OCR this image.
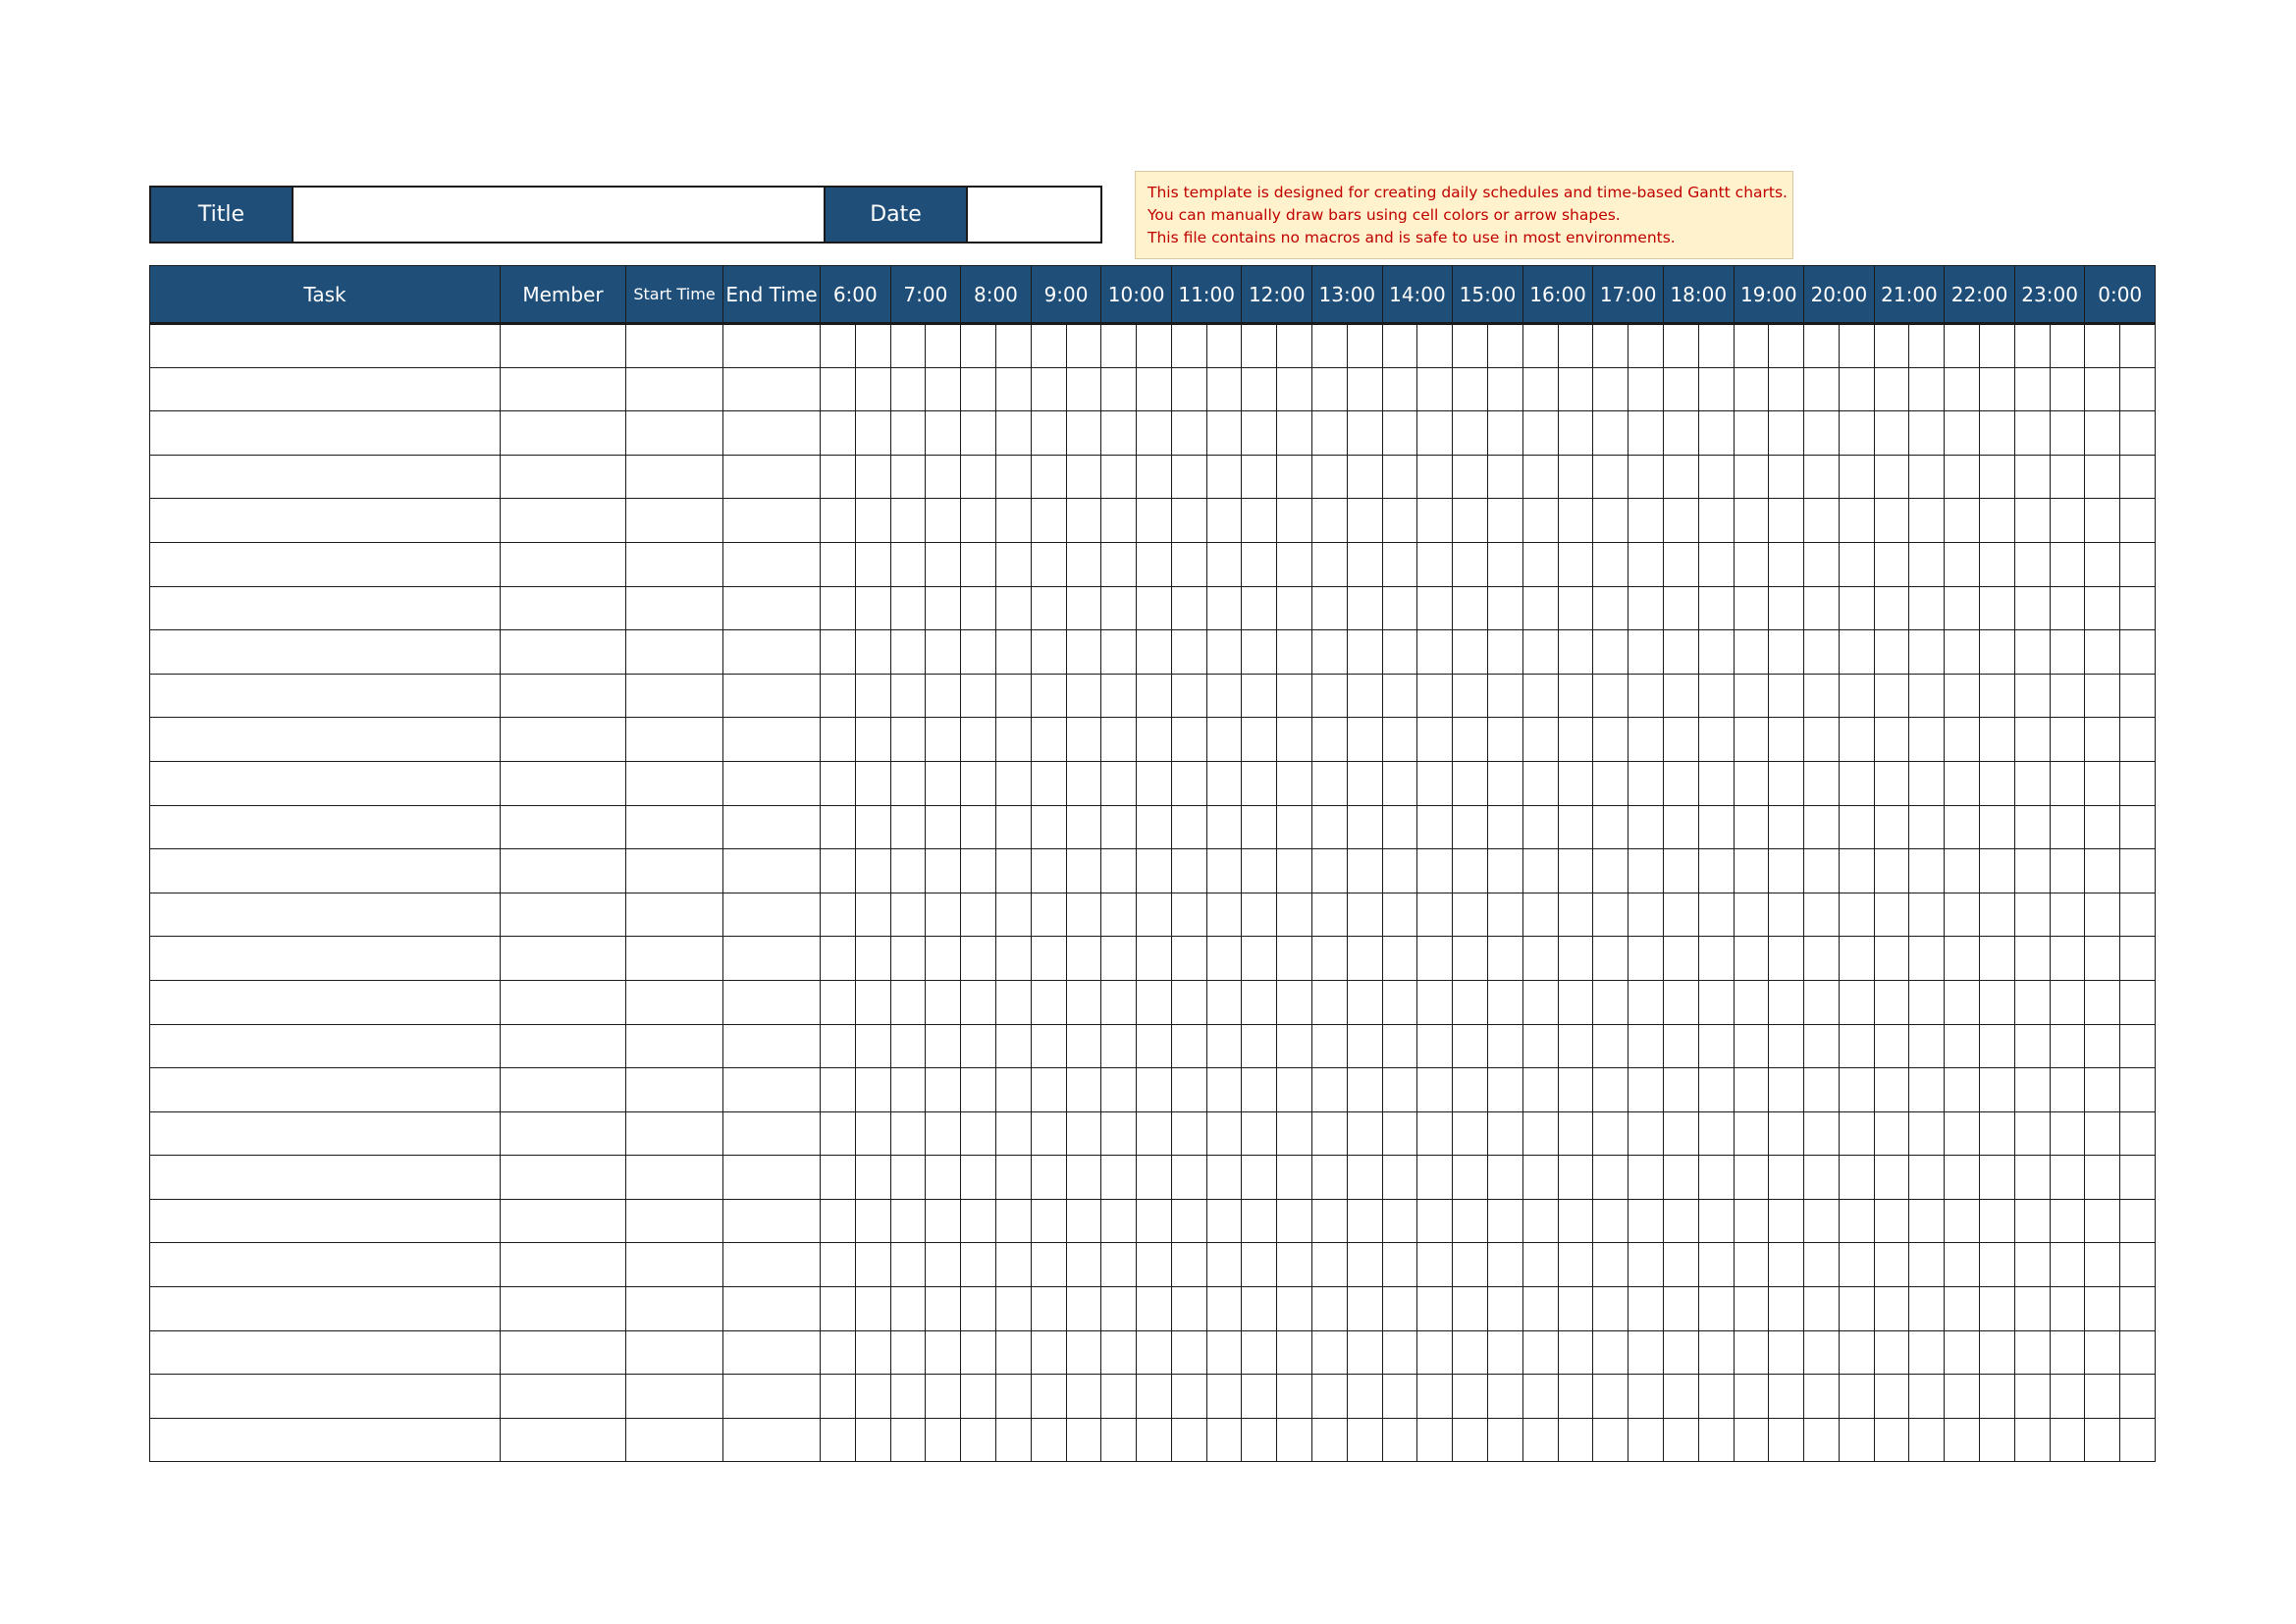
Title	Date
This template is designed for creating daily schedules and time-based Gantt charts.
You can manually draw bars using cell colors or arrow shapes.
This file contains no macros and is safe to use in most environments.
Task	Member	Start Time	End Time	6:00		7:00		8:00		9:00		10:00		11:00		12:00		13:00		14:00		15:00		16:00		17:00		18:00		19:00		20:00		21:00		22:00		23:00		0:00	
